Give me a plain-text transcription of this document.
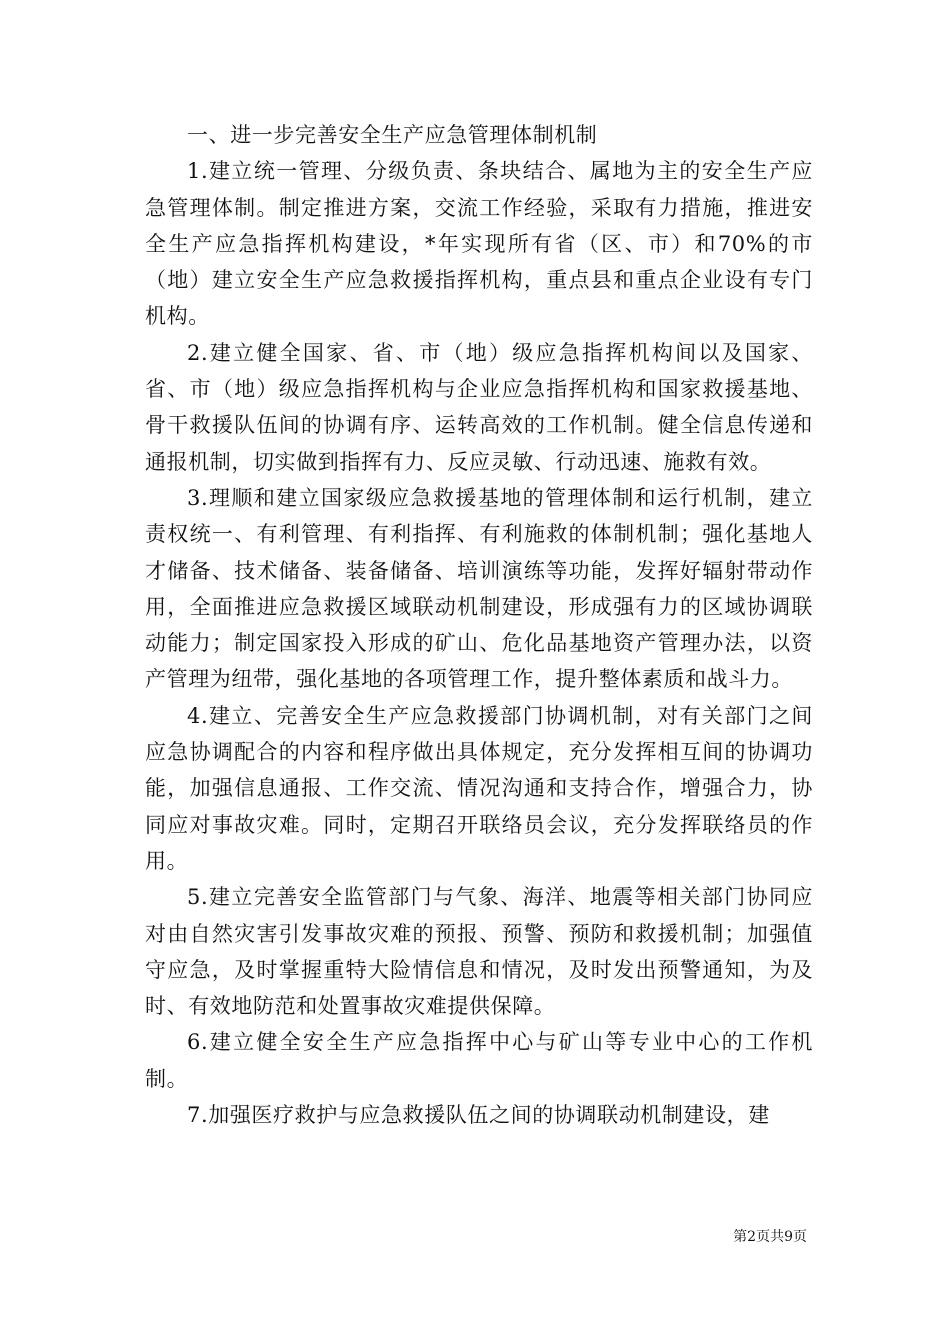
一、进一步完善安全生产应急管理体制机制

1.建立统一管理、分级负责、条块结合、属地为主的安全生产应急管理体制。制定推进方案，交流工作经验，采取有力措施，推进安全生产应急指挥机构建设，*年实现所有省（区、市）和70%的市（地）建立安全生产应急救援指挥机构，重点县和重点企业设有专门机构。

2.建立健全国家、省、市（地）级应急指挥机构间以及国家、省、市（地）级应急指挥机构与企业应急指挥机构和国家救援基地、骨干救援队伍间的协调有序、运转高效的工作机制。健全信息传递和通报机制，切实做到指挥有力、反应灵敏、行动迅速、施救有效。

3.理顺和建立国家级应急救援基地的管理体制和运行机制，建立责权统一、有利管理、有利指挥、有利施救的体制机制；强化基地人才储备、技术储备、装备储备、培训演练等功能，发挥好辐射带动作用，全面推进应急救援区域联动机制建设，形成强有力的区域协调联动能力；制定国家投入形成的矿山、危化品基地资产管理办法，以资产管理为纽带，强化基地的各项管理工作，提升整体素质和战斗力。

4.建立、完善安全生产应急救援部门协调机制，对有关部门之间应急协调配合的内容和程序做出具体规定，充分发挥相互间的协调功能，加强信息通报、工作交流、情况沟通和支持合作，增强合力，协同应对事故灾难。同时，定期召开联络员会议，充分发挥联络员的作用。

5.建立完善安全监管部门与气象、海洋、地震等相关部门协同应对由自然灾害引发事故灾难的预报、预警、预防和救援机制；加强值守应急，及时掌握重特大险情信息和情况，及时发出预警通知，为及时、有效地防范和处置事故灾难提供保障。

6.建立健全安全生产应急指挥中心与矿山等专业中心的工作机制。

7.加强医疗救护与应急救援队伍之间的协调联动机制建设，建

第2页共9页
